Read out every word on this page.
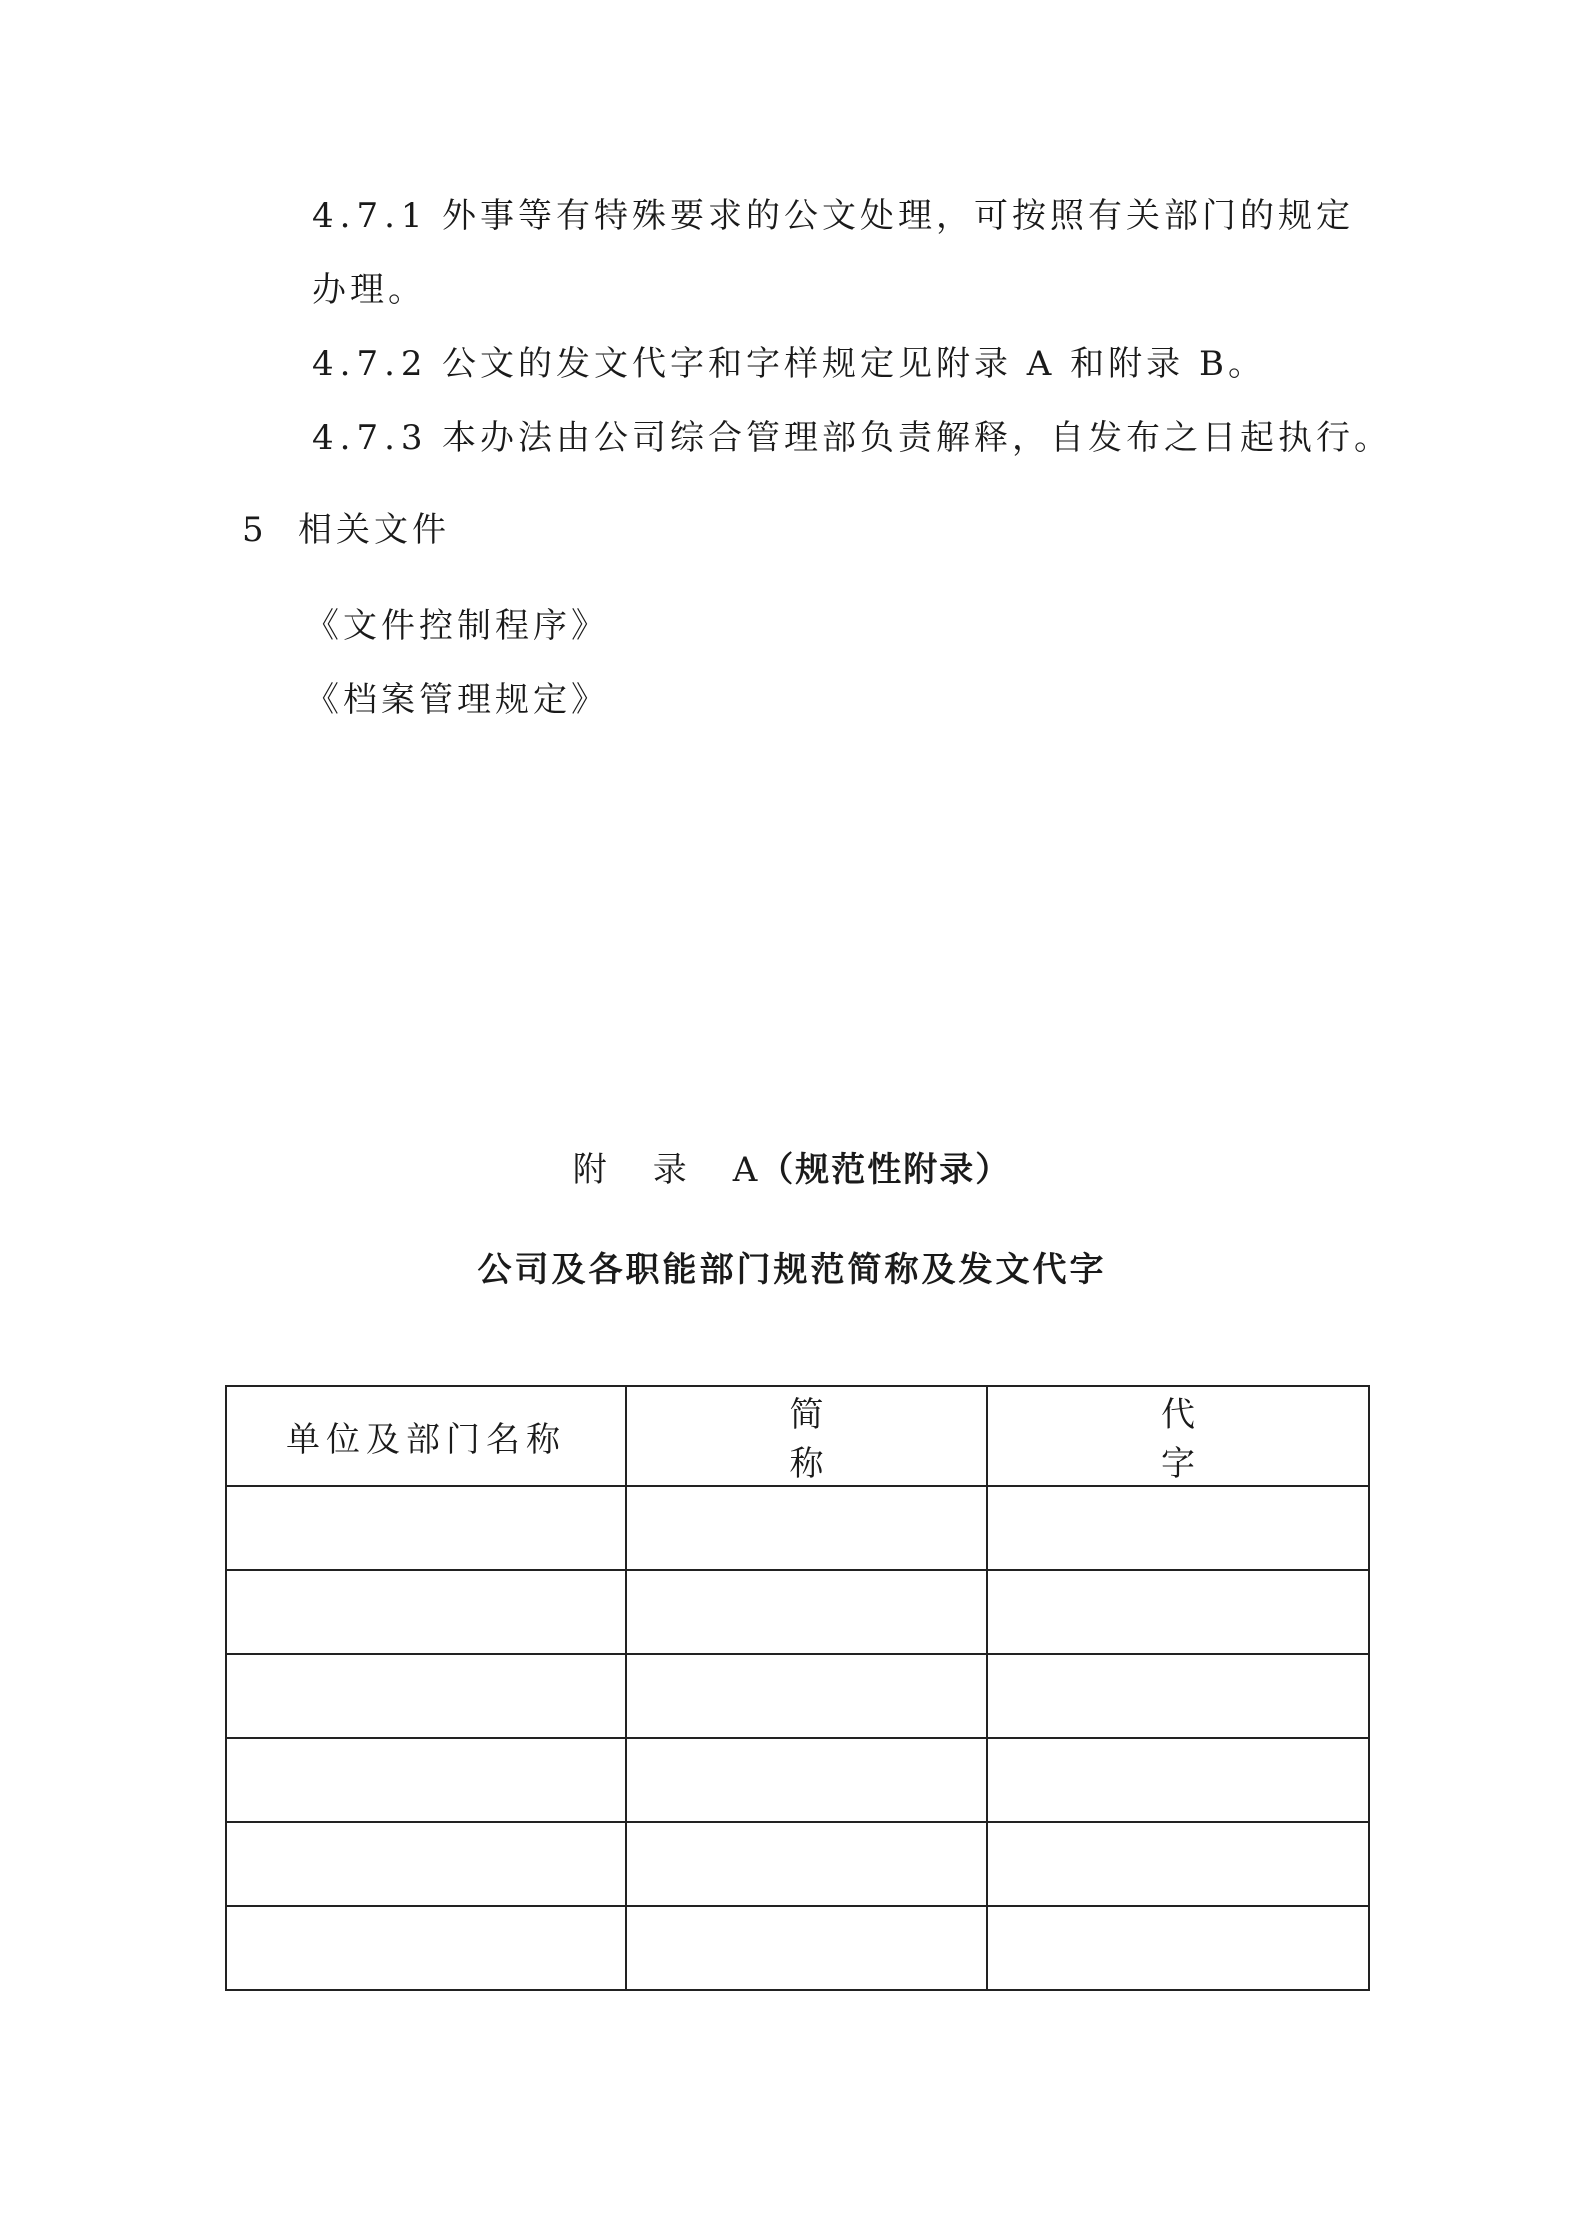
4.7.1 外事等有特殊要求的公文处理，可按照有关部门的规定
办理。
4.7.2 公文的发文代字和字样规定见附录 A 和附录 B。
4.7.3 本办法由公司综合管理部负责解释，自发布之日起执行。
5 相关文件
《文件控制程序》
《档案管理规定》
附 录 A（规范性附录）
公司及各职能部门规范简称及发文代字
单位及部门名称	简称	代字
